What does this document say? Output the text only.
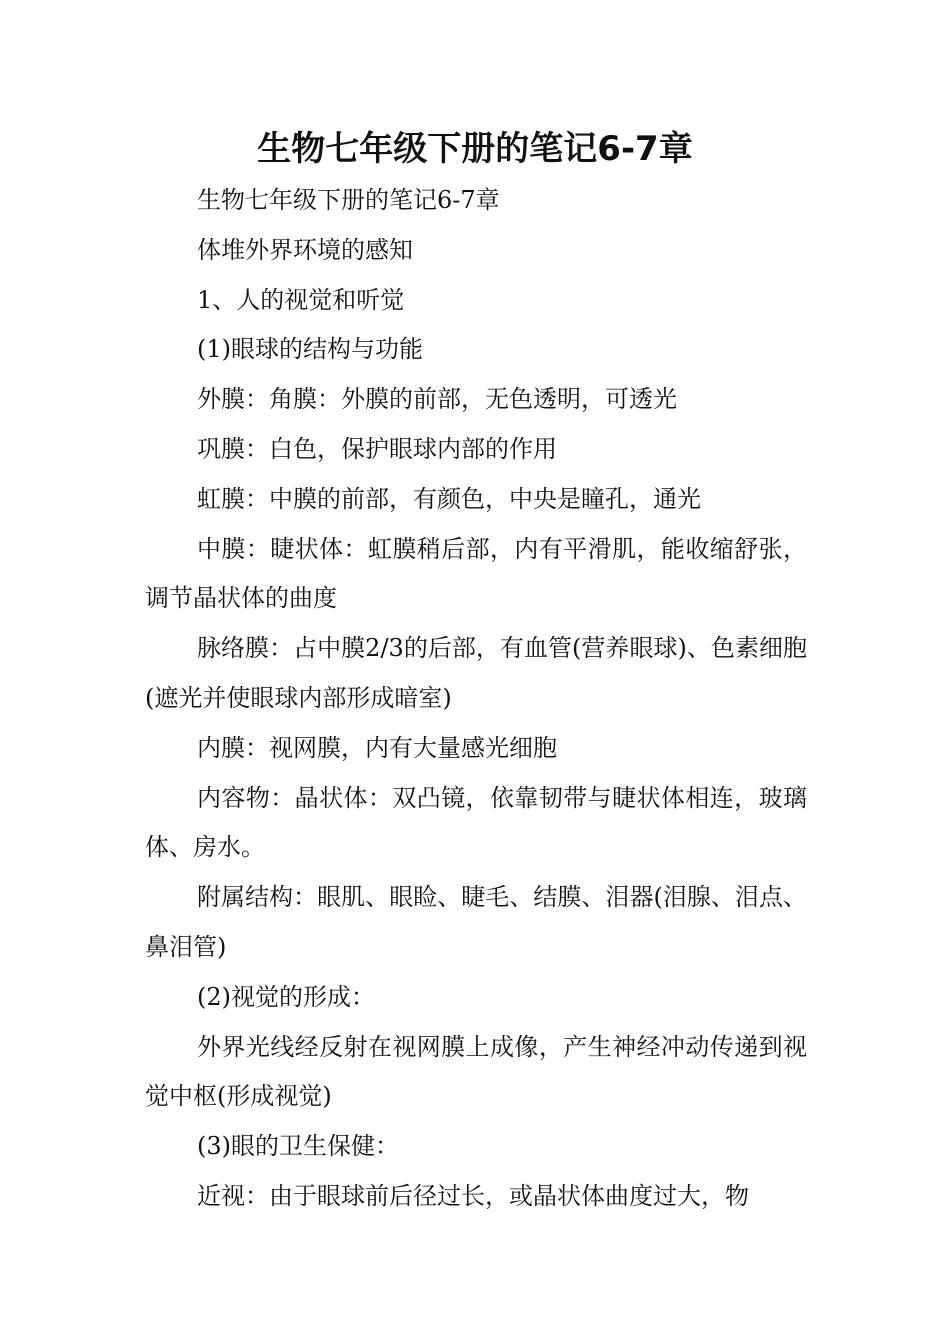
生物七年级下册的笔记6-7章

生物七年级下册的笔记6-7章

体堆外界环境的感知

1、人的视觉和听觉

(1)眼球的结构与功能

外膜：角膜：外膜的前部，无色透明，可透光

巩膜：白色，保护眼球内部的作用

虹膜：中膜的前部，有颜色，中央是瞳孔，通光

中膜：睫状体：虹膜稍后部，内有平滑肌，能收缩舒张，调节晶状体的曲度

脉络膜：占中膜2/3的后部，有血管(营养眼球)、色素细胞(遮光并使眼球内部形成暗室)

内膜：视网膜，内有大量感光细胞

内容物：晶状体：双凸镜，依靠韧带与睫状体相连，玻璃体、房水。

附属结构：眼肌、眼睑、睫毛、结膜、泪器(泪腺、泪点、鼻泪管)

(2)视觉的形成：

外界光线经反射在视网膜上成像，产生神经冲动传递到视觉中枢(形成视觉)

(3)眼的卫生保健：

近视：由于眼球前后径过长，或晶状体曲度过大，物
